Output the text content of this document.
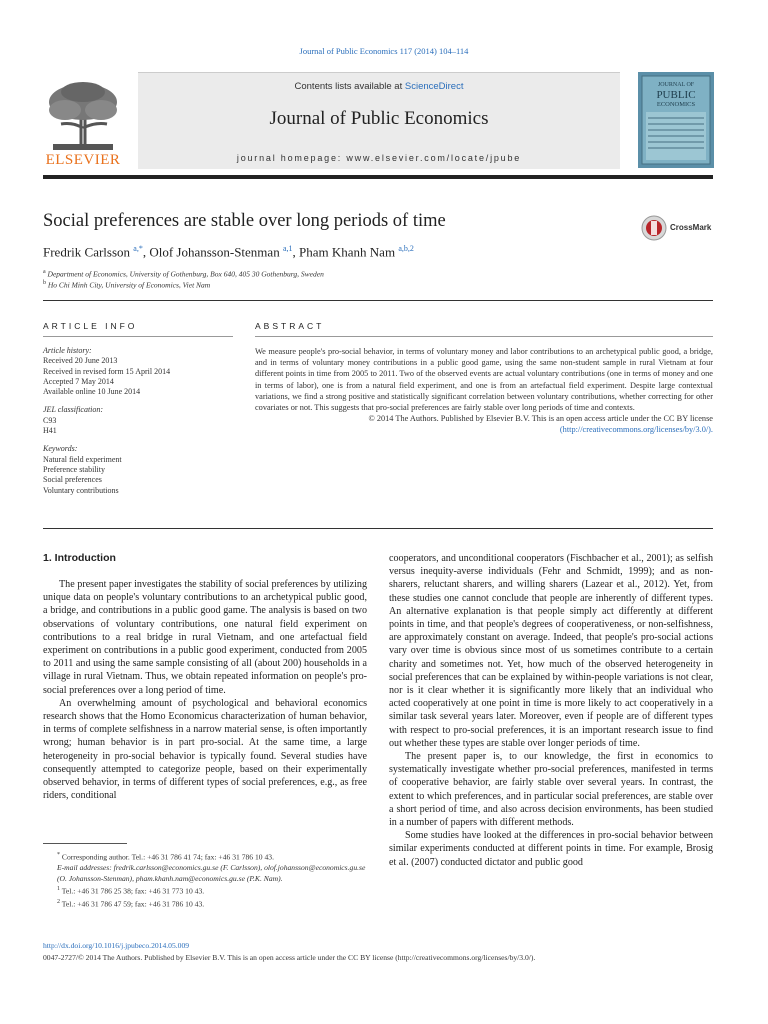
Journal of Public Economics 117 (2014) 104–114
ELSEVIER
Contents lists available at ScienceDirect
Journal of Public Economics
journal homepage: www.elsevier.com/locate/jpube
JOURNAL OF
PUBLIC
ECONOMICS
Social preferences are stable over long periods of time	CrossMark
Fredrik Carlsson $^{a,*}$, Olof Johansson-Stenman $^{a,1}$, Pham Khanh Nam $^{a,b,2}$
$^a$ Department of Economics, University of Gothenburg, Box 640, 405 30 Gothenburg, Sweden
$^b$ Ho Chi Minh City, University of Economics, Viet Nam
ARTICLE INFO	ABSTRACT
Article history:
Received 20 June 2013
Received in revised form 15 April 2014
Accepted 7 May 2014
Available online 10 June 2014
JEL classification:
C93
H41
Keywords:
Natural field experiment
Preference stability
Social preferences
Voluntary contributions
We measure people's pro-social behavior, in terms of voluntary money and labor contributions to an archetypical public good, a bridge, and in terms of voluntary money contributions in a public good game, using the same non-student sample in rural Vietnam at four different points in time from 2005 to 2011. Two of the observed events are actual voluntary contributions (one in terms of money and one in terms of labor), one is from a natural field experiment, and one is from an artefactual field experiment. Despite large contextual variations, we find a strong positive and statistically significant correlation between voluntary contributions, whether correcting for other covariates or not. This suggests that pro-social preferences are fairly stable over long periods of time and contexts.
© 2014 The Authors. Published by Elsevier B.V. This is an open access article under the CC BY license
(http://creativecommons.org/licenses/by/3.0/).
1. Introduction

The present paper investigates the stability of social preferences by utilizing unique data on people's voluntary contributions to an archetypical public good, a bridge, and contributions in a public good game. The analysis is based on two observations of voluntary contributions, one natural field experiment on contributions to a real bridge in rural Vietnam, and one artefactual field experiment on contributions in a public good experiment, conducted from 2005 to 2011 and using the same sample consisting of all (about 200) households in a village in rural Vietnam. Thus, we obtain repeated information on people's pro-social preferences over a long period of time.

An overwhelming amount of psychological and behavioral economics research shows that the Homo Economicus characterization of human behavior, in terms of complete selfishness in a narrow material sense, is often importantly wrong; human behavior is in part pro-social. At the same time, a large heterogeneity in pro-social behavior is typically found. Several studies have consequently attempted to categorize people, based on their experimentally observed behavior, in terms of different types of social preferences, e.g., as free riders, conditional

cooperators, and unconditional cooperators (Fischbacher et al., 2001); as selfish versus inequity-averse individuals (Fehr and Schmidt, 1999); and as non-sharers, reluctant sharers, and willing sharers (Lazear et al., 2012). Yet, from these studies one cannot conclude that people are inherently of different types. An alternative explanation is that people simply act differently at different points in time, and that people's degrees of cooperativeness, or non-selfishness, are approximately constant on average. Indeed, that people's pro-social actions vary over time is obvious since most of us sometimes contribute to a certain charity and sometimes not. Yet, how much of the observed heterogeneity in social preferences that can be explained by within-people variations is not clear, nor is it clear whether it is significantly more likely that an individual who acted cooperatively at one point in time is more likely to act cooperatively in a similar task several years later. Moreover, even if people are of different types with respect to pro-social preferences, it is an important research issue to find out whether these types are stable over longer periods of time.

The present paper is, to our knowledge, the first in economics to systematically investigate whether pro-social preferences, manifested in terms of cooperative behavior, are fairly stable over several years. In contrast, the extent to which preferences, and in particular social preferences, are stable over a short period of time, and also across decision environments, has been studied in a number of papers with different methods.

Some studies have looked at the differences in pro-social behavior between similar experiments conducted at different points in time. For example, Brosig et al. (2007) conducted dictator and public good

* Corresponding author. Tel.: +46 31 786 41 74; fax: +46 31 786 10 43.
E-mail addresses: fredrik.carlsson@economics.gu.se (F. Carlsson), olof.johansson@economics.gu.se (O. Johansson-Stenman), pham.khanh.nam@economics.gu.se (P.K. Nam).
$^1$ Tel.: +46 31 786 25 38; fax: +46 31 773 10 43.
$^2$ Tel.: +46 31 786 47 59; fax: +46 31 786 10 43.
http://dx.doi.org/10.1016/j.jpubeco.2014.05.009
0047-2727/© 2014 The Authors. Published by Elsevier B.V. This is an open access article under the CC BY license (http://creativecommons.org/licenses/by/3.0/).
